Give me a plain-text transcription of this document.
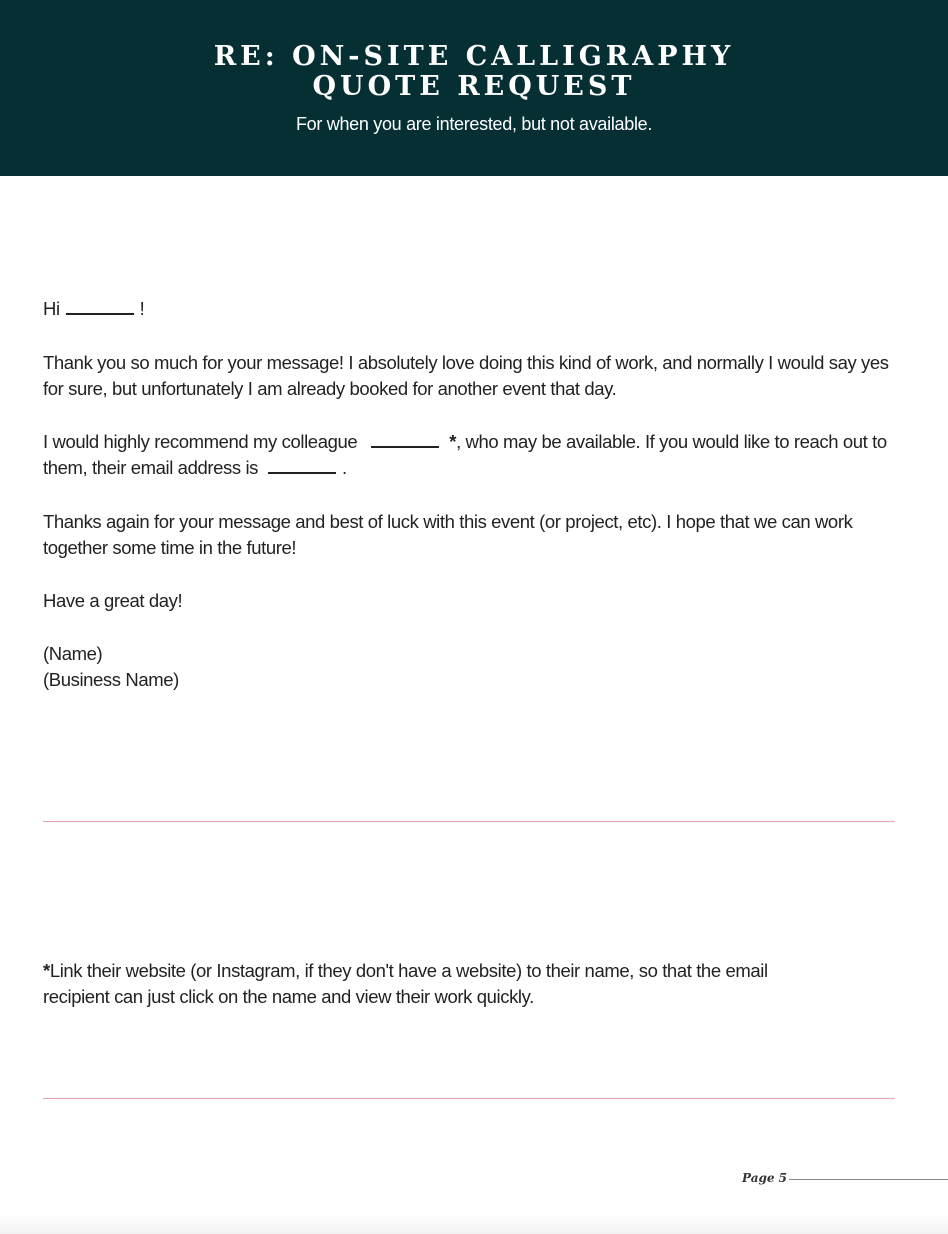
RE: ON-SITE CALLIGRAPHY
QUOTE REQUEST
For when you are interested, but not available.

Hi	!

Thank you so much for your message! I absolutely love doing this kind of work, and normally I would say yes for sure, but unfortunately I am already booked for another event that day.

I would highly recommend my colleague	*, who may be available. If you would like to reach out to them, their email address is	.

Thanks again for your message and best of luck with this event (or project, etc). I hope that we can work together some time in the future!

Have a great day!

(Name)
(Business Name)

*Link their website (or Instagram, if they don't have a website) to their name, so that the email recipient can just click on the name and view their work quickly.

Page 5
